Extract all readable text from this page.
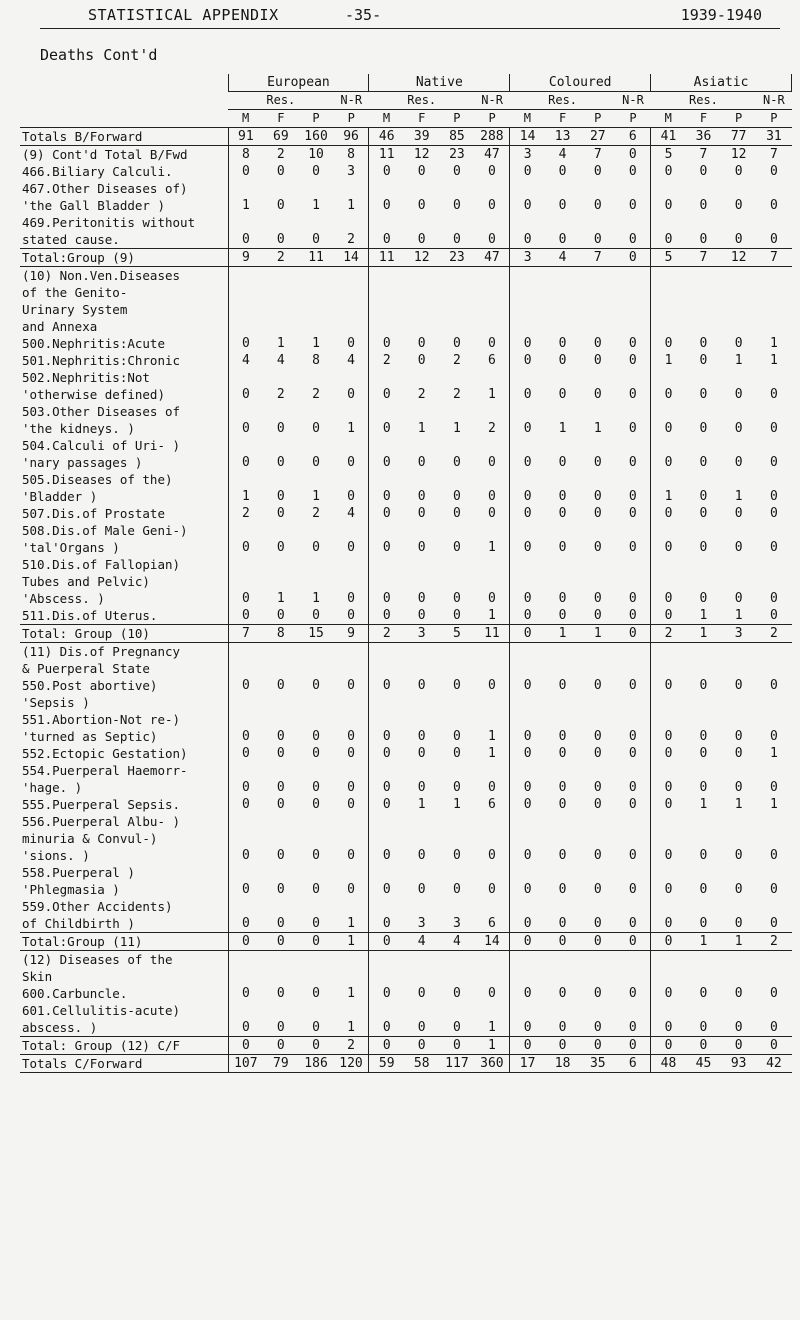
STATISTICAL APPENDIX	-35-	1939-1940
Deaths Cont'd
	European				Native				Coloured				Asiatic			
	Res.			N-R	Res.			N-R	Res.			N-R	Res.			N-R
	M	F	P	P	M	F	P	P	M	F	P	P	M	F	P	P
Totals B/Forward	91	69	160	96	46	39	85	288	14	13	27	6	41	36	77	31
(9) Cont'd Total B/Fwd	8	2	10	8	11	12	23	47	3	4	7	0	5	7	12	7
466.Biliary Calculi.	0	0	0	3	0	0	0	0	0	0	0	0	0	0	0	0
467.Other Diseases of)																
'the Gall Bladder )	1	0	1	1	0	0	0	0	0	0	0	0	0	0	0	0
469.Peritonitis without																
stated cause.	0	0	0	2	0	0	0	0	0	0	0	0	0	0	0	0
Total:Group (9)	9	2	11	14	11	12	23	47	3	4	7	0	5	7	12	7
(10) Non.Ven.Diseases																
of the Genito-																
Urinary System																
and Annexa																
500.Nephritis:Acute	0	1	1	0	0	0	0	0	0	0	0	0	0	0	0	1
501.Nephritis:Chronic	4	4	8	4	2	0	2	6	0	0	0	0	1	0	1	1
502.Nephritis:Not																
'otherwise defined)	0	2	2	0	0	2	2	1	0	0	0	0	0	0	0	0
503.Other Diseases of																
'the kidneys. )	0	0	0	1	0	1	1	2	0	1	1	0	0	0	0	0
504.Calculi of Uri- )																
'nary passages )	0	0	0	0	0	0	0	0	0	0	0	0	0	0	0	0
505.Diseases of the)																
'Bladder )	1	0	1	0	0	0	0	0	0	0	0	0	1	0	1	0
507.Dis.of Prostate	2	0	2	4	0	0	0	0	0	0	0	0	0	0	0	0
508.Dis.of Male Geni-)																
'tal'Organs )	0	0	0	0	0	0	0	1	0	0	0	0	0	0	0	0
510.Dis.of Fallopian)																
Tubes and Pelvic)																
'Abscess. )	0	1	1	0	0	0	0	0	0	0	0	0	0	0	0	0
511.Dis.of Uterus.	0	0	0	0	0	0	0	1	0	0	0	0	0	1	1	0
Total: Group (10)	7	8	15	9	2	3	5	11	0	1	1	0	2	1	3	2
(11) Dis.of Pregnancy																
& Puerperal State																
550.Post abortive)	0	0	0	0	0	0	0	0	0	0	0	0	0	0	0	0
'Sepsis )																
551.Abortion-Not re-)																
'turned as Septic)	0	0	0	0	0	0	0	1	0	0	0	0	0	0	0	0
552.Ectopic Gestation)	0	0	0	0	0	0	0	1	0	0	0	0	0	0	0	1
554.Puerperal Haemorr-																
'hage. )	0	0	0	0	0	0	0	0	0	0	0	0	0	0	0	0
555.Puerperal Sepsis.	0	0	0	0	0	1	1	6	0	0	0	0	0	1	1	1
556.Puerperal Albu- )																
minuria & Convul-)																
'sions. )	0	0	0	0	0	0	0	0	0	0	0	0	0	0	0	0
558.Puerperal )																
'Phlegmasia )	0	0	0	0	0	0	0	0	0	0	0	0	0	0	0	0
559.Other Accidents)																
of Childbirth )	0	0	0	1	0	3	3	6	0	0	0	0	0	0	0	0
Total:Group (11)	0	0	0	1	0	4	4	14	0	0	0	0	0	1	1	2
(12) Diseases of the																
Skin																
600.Carbuncle.	0	0	0	1	0	0	0	0	0	0	0	0	0	0	0	0
601.Cellulitis-acute)																
abscess. )	0	0	0	1	0	0	0	1	0	0	0	0	0	0	0	0
Total: Group (12) C/F	0	0	0	2	0	0	0	1	0	0	0	0	0	0	0	0
Totals C/Forward	107	79	186	120	59	58	117	360	17	18	35	6	48	45	93	42
